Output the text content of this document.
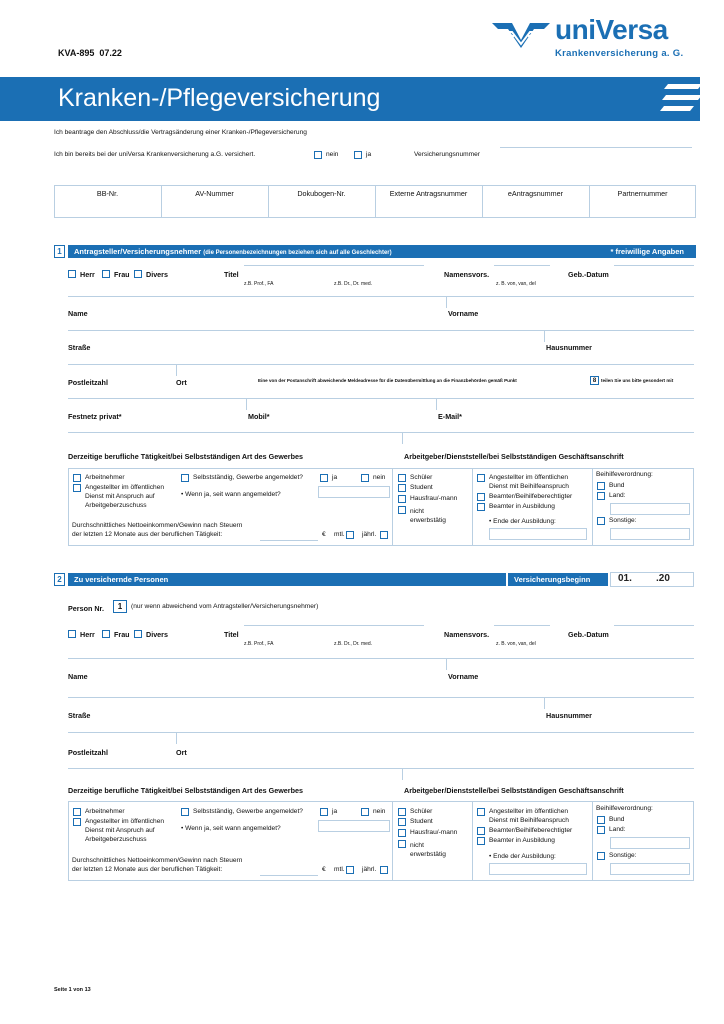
KVA-895 07.22
uniVersa
Krankenversicherung a. G.
Kranken-/Pflegeversicherung
Ich beantrage den Abschluss/die Vertragsänderung einer Kranken-/Pflegeversicherung
Ich bin bereits bei der uniVersa Krankenversicherung a.G. versichert.	nein	ja	Versicherungsnummer
BB-Nr.	AV-Nummer	Dokubogen-Nr.	Externe Antragsnummer	eAntragsnummer	Partnernummer
1	Antragsteller/Versicherungsnehmer (die Personenbezeichnungen beziehen sich auf alle Geschlechter)	* freiwillige Angaben
Herr	Frau Divers	Titel
z.B. Prof., FA	z.B. Dr., Dr. med.
Namensvors.
z. B. von, van, del
Geb.-Datum
Name	Vorname
Straße	Hausnummer
Postleitzahl	Ort	Eine von der Postanschrift abweichende Meldeadresse für die Datenübermittlung an die Finanzbehörden gemäß Punkt	8	teilen Sie uns bitte gesondert mit
Festnetz privat*	Mobil*	E-Mail*
Derzeitige berufliche Tätigkeit/bei Selbstständigen Art des Gewerbes	Arbeitgeber/Dienststelle/bei Selbstständigen Geschäftsanschrift
Arbeitnehmer
Angestellter im öffentlichen
Dienst mit Anspruch auf
Arbeitgeberzuschuss
Selbstständig, Gewerbe angemeldet?	ja	nein
• Wenn ja, seit wann angemeldet?
Durchschnittliches Nettoeinkommen/Gewinn nach Steuern
der letzten 12 Monate aus der beruflichen Tätigkeit:	€ mtl.	jährl.
Schüler
Student
Hausfrau/-mann
nicht
erwerbstätig
Angestellter im öffentlichen
Dienst mit Beihilfeanspruch
Beamter/Beihilfeberechtigter
Beamter in Ausbildung
• Ende der Ausbildung:
Beihilfeverordnung:
Bund
Land:
Sonstige:
2	Zu versichernde Personen	Versicherungsbeginn	01. .20
Person Nr.	1	(nur wenn abweichend vom Antragsteller/Versicherungsnehmer)
Herr	Frau Divers	Titel
z.B. Prof., FA	z.B. Dr., Dr. med.
Namensvors.
z. B. von, van, del
Geb.-Datum
Name	Vorname
Straße	Hausnummer
Postleitzahl	Ort
Derzeitige berufliche Tätigkeit/bei Selbstständigen Art des Gewerbes	Arbeitgeber/Dienststelle/bei Selbstständigen Geschäftsanschrift
Arbeitnehmer
Angestellter im öffentlichen
Dienst mit Anspruch auf
Arbeitgeberzuschuss
Selbstständig, Gewerbe angemeldet?	ja	nein
• Wenn ja, seit wann angemeldet?
Durchschnittliches Nettoeinkommen/Gewinn nach Steuern
der letzten 12 Monate aus der beruflichen Tätigkeit:	€ mtl.	jährl.
Schüler
Student
Hausfrau/-mann
nicht
erwerbstätig
Angestellter im öffentlichen
Dienst mit Beihilfeanspruch
Beamter/Beihilfeberechtigter
Beamter in Ausbildung
• Ende der Ausbildung:
Beihilfeverordnung:
Bund
Land:
Sonstige:
Seite 1 von 13
